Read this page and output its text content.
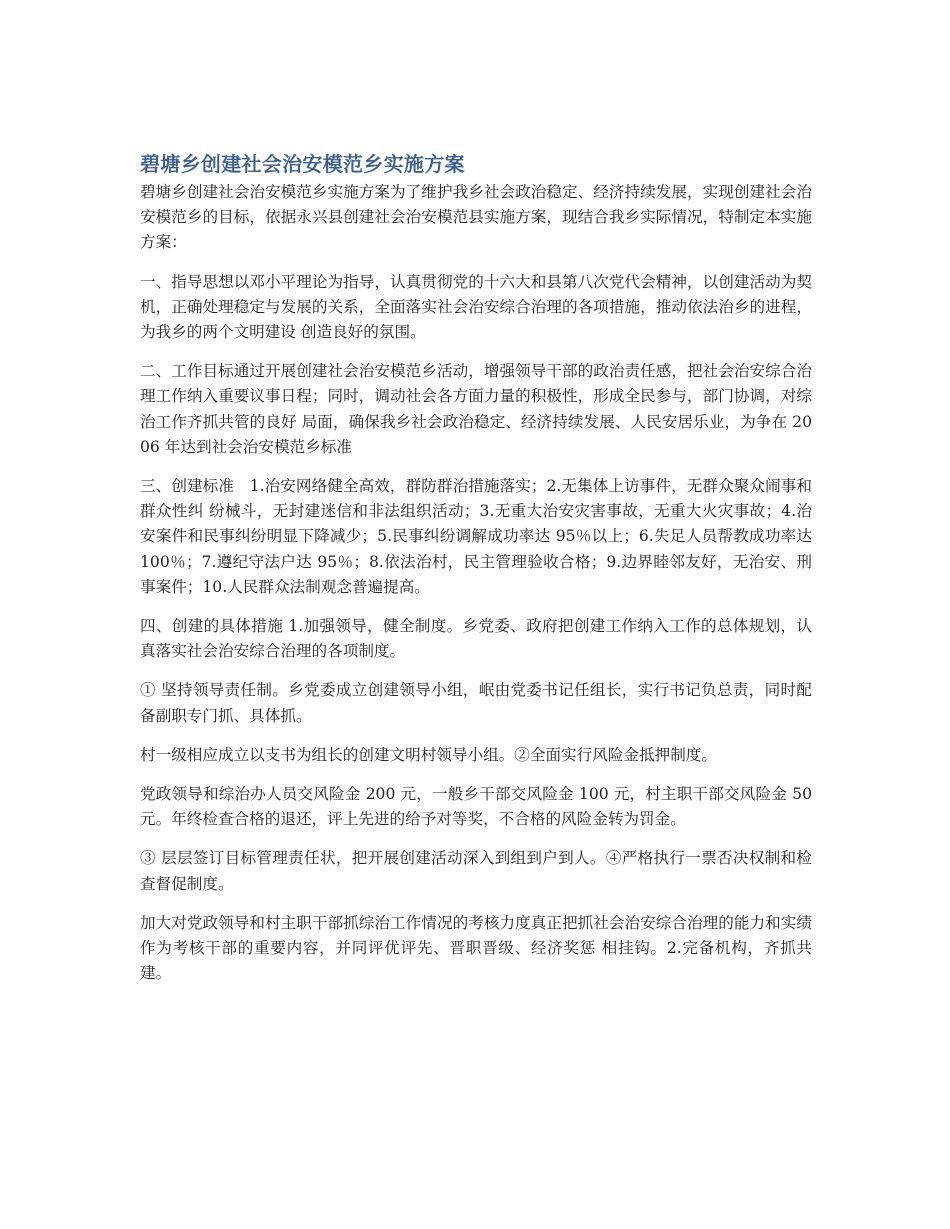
碧塘乡创建社会治安模范乡实施方案

碧塘乡创建社会治安模范乡实施方案为了维护我乡社会政治稳定、经济持续发展，实现创建社会治安模范乡的目标，依据永兴县创建社会治安模范县实施方案，现结合我乡实际情况，特制定本实施方案：

一、指导思想以邓小平理论为指导，认真贯彻党的十六大和县第八次党代会精神，以创建活动为契机，正确处理稳定与发展的关系，全面落实社会治安综合治理的各项措施，推动依法治乡的进程，为我乡的两个文明建设 创造良好的氛围。

二、工作目标通过开展创建社会治安模范乡活动，增强领导干部的政治责任感，把社会治安综合治理工作纳入重要议事日程；同时，调动社会各方面力量的积极性，形成全民参与，部门协调，对综治工作齐抓共管的良好 局面，确保我乡社会政治稳定、经济持续发展、人民安居乐业，为争在 2006 年达到社会治安模范乡标准

三、创建标准　1.治安网络健全高效，群防群治措施落实；2.无集体上访事件，无群众聚众闹事和群众性纠 纷械斗，无封建迷信和非法组织活动；3.无重大治安灾害事故，无重大火灾事故；4.治安案件和民事纠纷明显下降减少；5.民事纠纷调解成功率达 95％以上；6.失足人员帮教成功率达 100％；7.遵纪守法户达 95％；8.依法治村，民主管理验收合格；9.边界睦邻友好，无治安、刑事案件；10.人民群众法制观念普遍提高。

四、创建的具体措施 1.加强领导，健全制度。乡党委、政府把创建工作纳入工作的总体规划，认真落实社会治安综合治理的各项制度。

① 坚持领导责任制。乡党委成立创建领导小组，岷由党委书记任组长，实行书记负总责，同时配备副职专门抓、具体抓。

村一级相应成立以支书为组长的创建文明村领导小组。②全面实行风险金抵押制度。

党政领导和综治办人员交风险金 200 元，一般乡干部交风险金 100 元，村主职干部交风险金 50 元。年终检查合格的退还，评上先进的给予对等奖，不合格的风险金转为罚金。

③ 层层签订目标管理责任状，把开展创建活动深入到组到户到人。④严格执行一票否决权制和检查督促制度。

加大对党政领导和村主职干部抓综治工作情况的考核力度真正把抓社会治安综合治理的能力和实绩作为考核干部的重要内容，并同评优评先、晋职晋级、经济奖惩 相挂钩。2.完备机构，齐抓共建。
